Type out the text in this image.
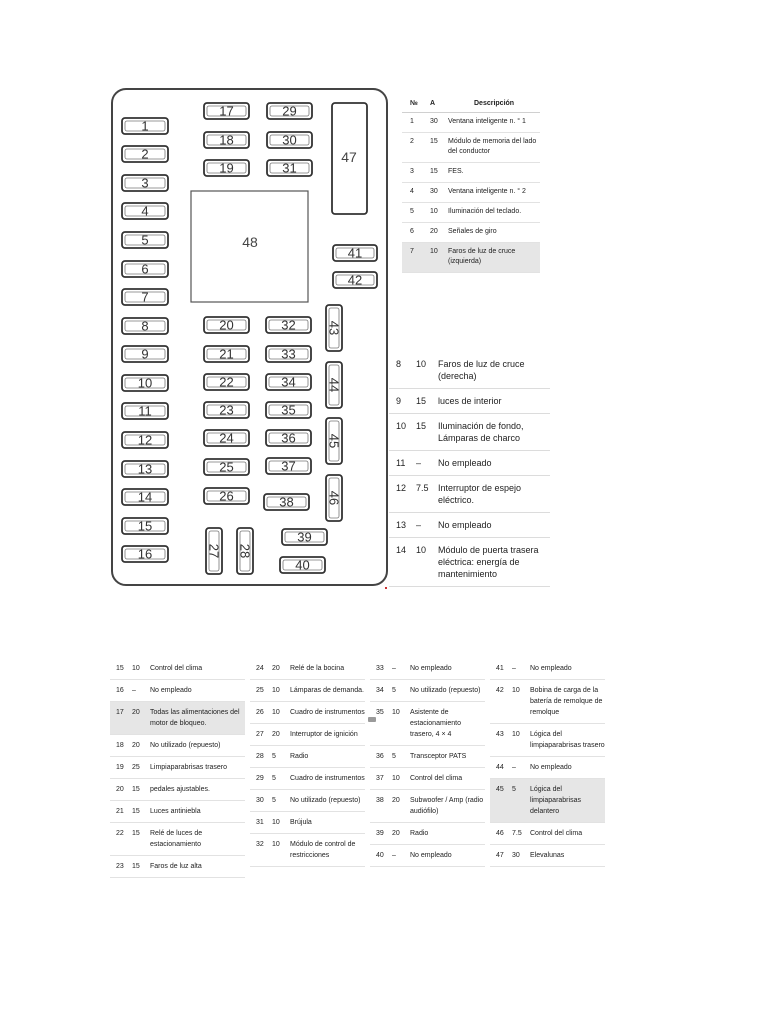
1
2
3
4
5
6
7
8
9
10
11
12
13
14
15
16
17
18
19
29
30
31
20
21
22
23
24
25
26
32
33
34
35
36
37
38
41
42
43
44
45
46
27 28
39
40
47
48
№	A	Descripción
1	30	Ventana inteligente n. ° 1
2	15	Módulo de memoria del lado del conductor
3	15	FES.
4	30	Ventana inteligente n. ° 2
5	10	Iluminación del teclado.
6	20	Señales de giro
7	10	Faros de luz de cruce (izquierda)
8	10	Faros de luz de cruce (derecha)
9	15	luces de interior
10	15	Iluminación de fondo, Lámparas de charco
11	–	No empleado
12	7.5	Interruptor de espejo eléctrico.
13	–	No empleado
14	10	Módulo de puerta trasera eléctrica: energía de mantenimiento
15	10	Control del clima
16	–	No empleado
17	20	Todas las alimentaciones del motor de bloqueo.
18	20	No utilizado (repuesto)
19	25	Limpiaparabrisas trasero
20	15	pedales ajustables.
21	15	Luces antiniebla
22	15	Relé de luces de estacionamiento
23	15	Faros de luz alta
24	20	Relé de la bocina
25	10	Lámparas de demanda.
26	10	Cuadro de instrumentos
27	20	Interruptor de ignición
28	5	Radio
29	5	Cuadro de instrumentos
30	5	No utilizado (repuesto)
31	10	Brújula
32	10	Módulo de control de restricciones
33	–	No empleado
34	5	No utilizado (repuesto)
35	10	Asistente de estacionamiento trasero, 4 × 4
36	5	Transceptor PATS
37	10	Control del clima
38	20	Subwoofer / Amp (radio audiófilo)
39	20	Radio
40	–	No empleado
41	–	No empleado
42	10	Bobina de carga de la batería de remolque de remolque
43	10	Lógica del limpiaparabrisas trasero
44	–	No empleado
45	5	Lógica del limpiaparabrisas delantero
46	7.5	Control del clima
47	30	Elevalunas
